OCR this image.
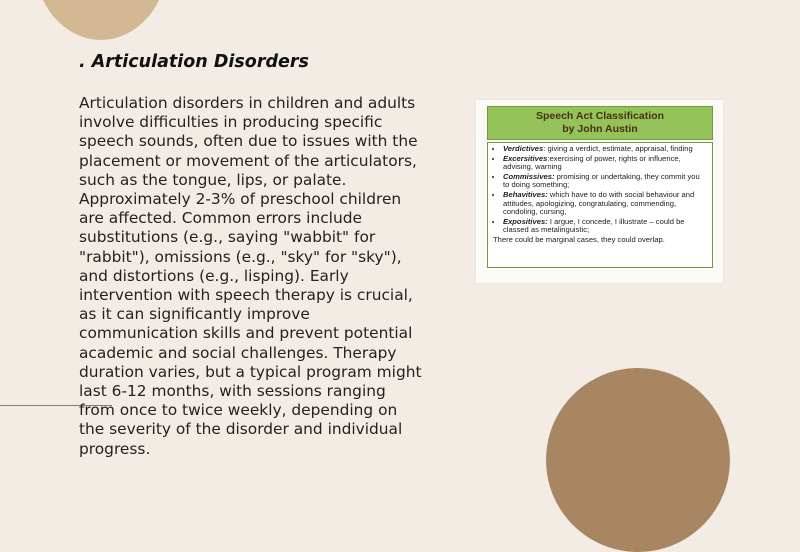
. Articulation Disorders

Articulation disorders in children and adults involve difficulties in producing specific speech sounds, often due to issues with the placement or movement of the articulators, such as the tongue, lips, or palate. Approximately 2-3% of preschool children are affected. Common errors include substitutions (e.g., saying "wabbit" for "rabbit"), omissions (e.g., "sky" for "sky"), and distortions (e.g., lisping). Early intervention with speech therapy is crucial, as it can significantly improve communication skills and prevent potential academic and social challenges. Therapy duration varies, but a typical program might last 6-12 months, with sessions ranging from once to twice weekly, depending on the severity of the disorder and individual progress.

Speech Act Classification
by John Austin
• Verdictives: giving a verdict, estimate, appraisal, finding
• Excersitives:exercising of power, rights or influence, advising, warning
• Commissives: promising or undertaking, they commit you to doing something;
• Behavitives: which have to do with social behaviour and attitudes, apologizing, congratulating, commending, condoling, cursing,
• Expositives: I argue, I concede, I illustrate – could be classed as metalinguistic;
There could be marginal cases, they could overlap.
